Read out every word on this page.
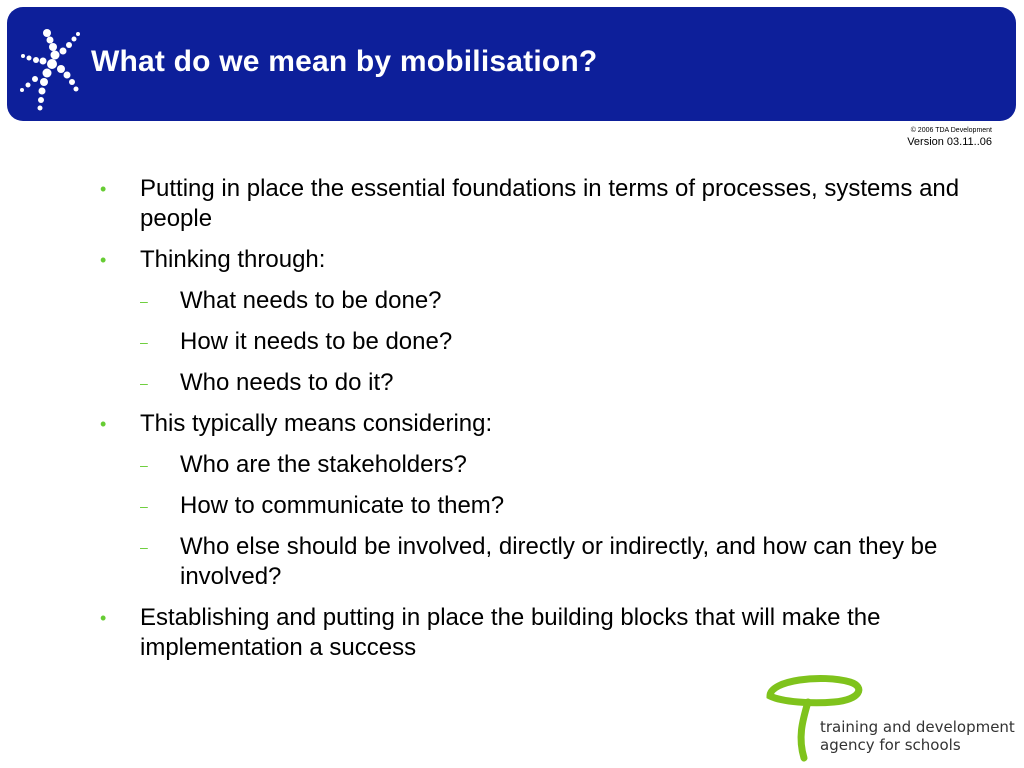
What do we mean by mobilisation?
© 2006 TDA Development
Version 03.11..06
• Putting in place the essential foundations in terms of processes, systems and people
• Thinking through:
– What needs to be done?
– How it needs to be done?
– Who needs to do it?
• This typically means considering:
– Who are the stakeholders?
– How to communicate to them?
– Who else should be involved, directly or indirectly, and how can they be involved?
• Establishing and putting in place the building blocks that will make the implementation a success
training and development
agency for schools
